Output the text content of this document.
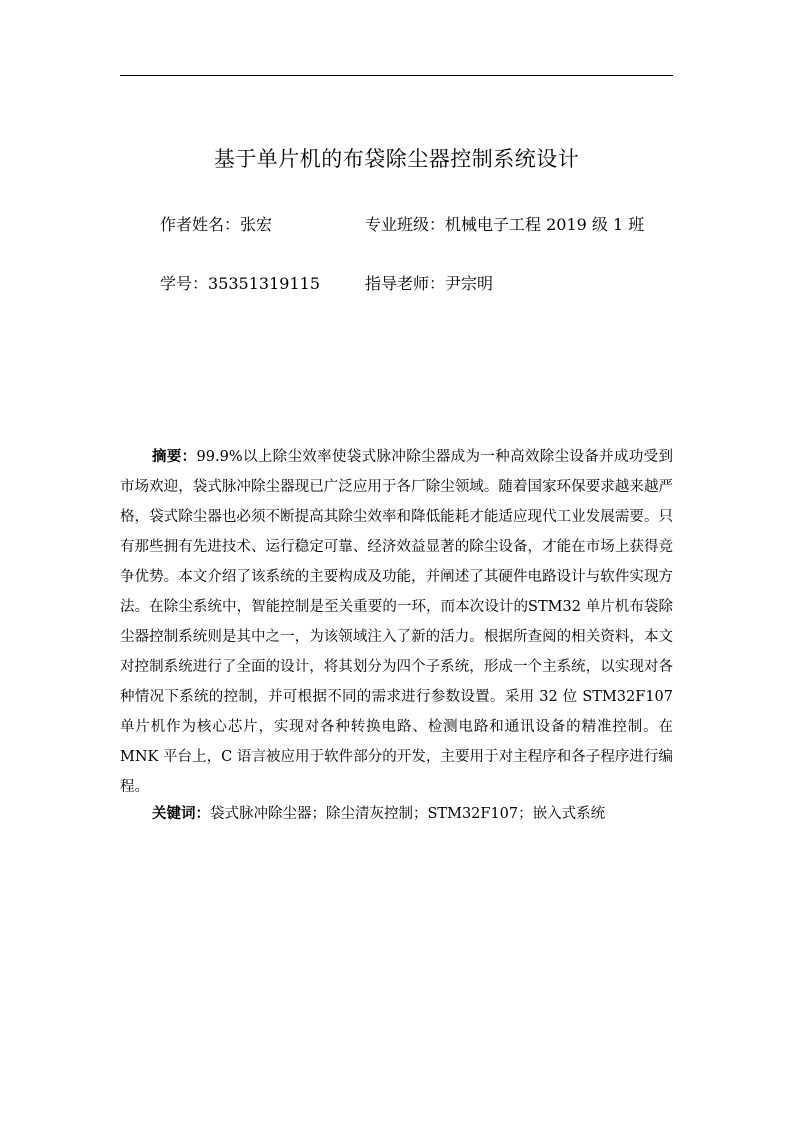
基于单片机的布袋除尘器控制系统设计
作者姓名：张宏	专业班级：机械电子工程 2019 级 1 班
学号：35351319115	指导老师：尹宗明

摘要：99.9%以上除尘效率使袋式脉冲除尘器成为一种高效除尘设备并成功受到市场欢迎，袋式脉冲除尘器现已广泛应用于各厂除尘领域。随着国家环保要求越来越严格，袋式除尘器也必须不断提高其除尘效率和降低能耗才能适应现代工业发展需要。只有那些拥有先进技术、运行稳定可靠、经济效益显著的除尘设备，才能在市场上获得竞争优势。本文介绍了该系统的主要构成及功能，并阐述了其硬件电路设计与软件实现方法。在除尘系统中，智能控制是至关重要的一环，而本次设计的STM32 单片机布袋除尘器控制系统则是其中之一，为该领域注入了新的活力。根据所查阅的相关资料，本文对控制系统进行了全面的设计，将其划分为四个子系统，形成一个主系统，以实现对各种情况下系统的控制，并可根据不同的需求进行参数设置。采用 32 位 STM32F107 单片机作为核心芯片，实现对各种转换电路、检测电路和通讯设备的精准控制。在 MNK 平台上，C 语言被应用于软件部分的开发，主要用于对主程序和各子程序进行编程。

关键词：袋式脉冲除尘器；除尘清灰控制；STM32F107；嵌入式系统
